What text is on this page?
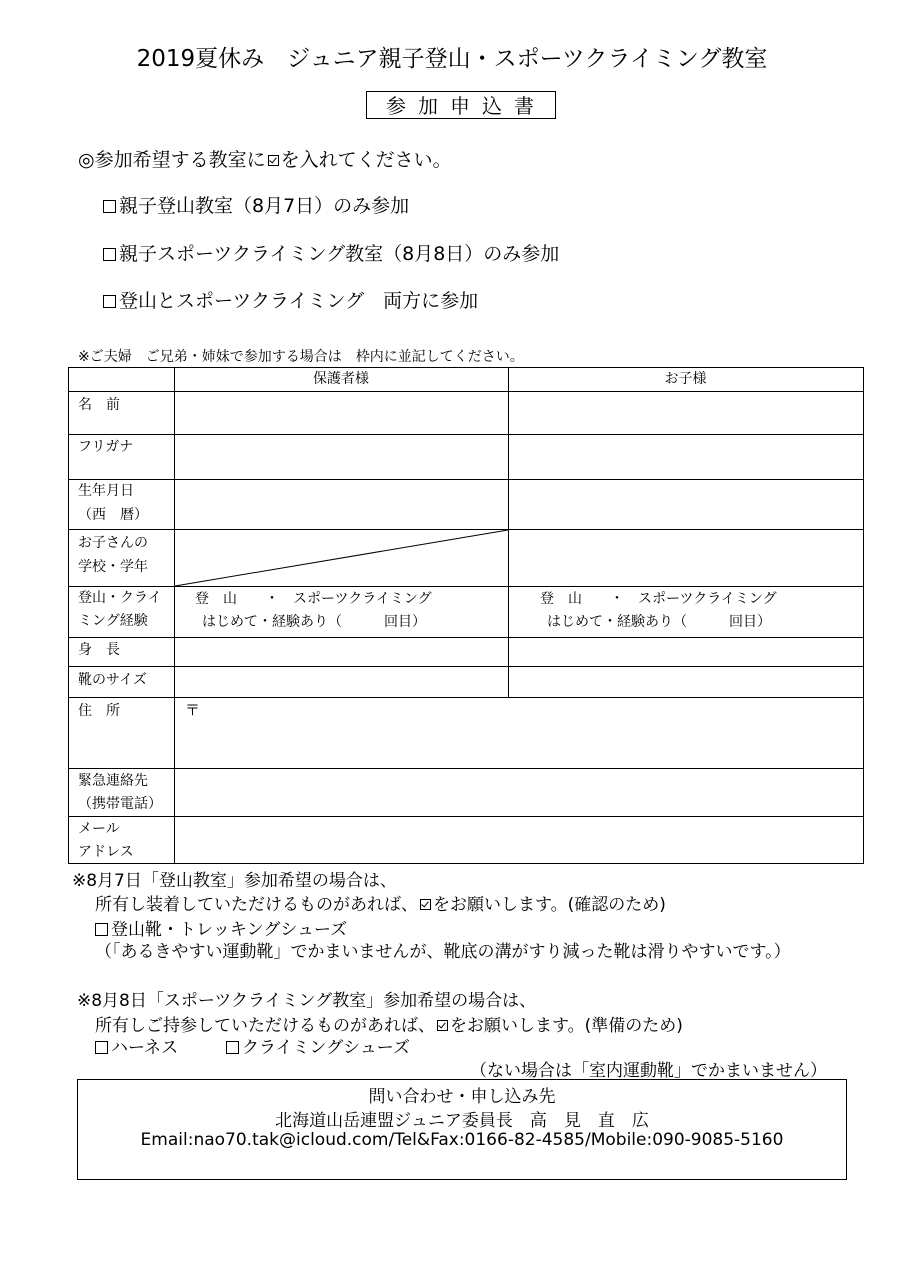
2019夏休み　ジュニア親子登山・スポーツクライミング教室
参加申込書
◎参加希望する教室に を入れてください。
親子登山教室（8月7日）のみ参加
親子スポーツクライミング教室（8月8日）のみ参加
登山とスポーツクライミング　両方に参加
※ご夫婦　ご兄弟・姉妹で参加する場合は　枠内に並記してください。
保護者様	お子様
名　前
フリガナ
生年月日
（西　暦）
お子さんの
学校・学年
登山・クライ
ミング経験
身　長
靴のサイズ
住　所
緊急連絡先
（携帯電話）
メール
アドレス
登　山　　・　スポーツクライミング
はじめて・経験あり（　　　回目）
登　山　　・　スポーツクライミング
はじめて・経験あり（　　　回目）
〒
※8月7日「登山教室」参加希望の場合は、
所有し装着していただけるものがあれば、 をお願いします。(確認のため)
登山靴・トレッキングシューズ
（「あるきやすい運動靴」でかまいませんが、靴底の溝がすり減った靴は滑りやすいです。）
※8月8日「スポーツクライミング教室」参加希望の場合は、
所有しご持参していただけるものがあれば、 をお願いします。(準備のため)
ハーネス	クライミングシューズ
（ない場合は「室内運動靴」でかまいません）
問い合わせ・申し込み先
北海道山岳連盟ジュニア委員長　高　見　直　広
Email:nao70.tak@icloud.com/Tel&Fax:0166-82-4585/Mobile:090-9085-5160
